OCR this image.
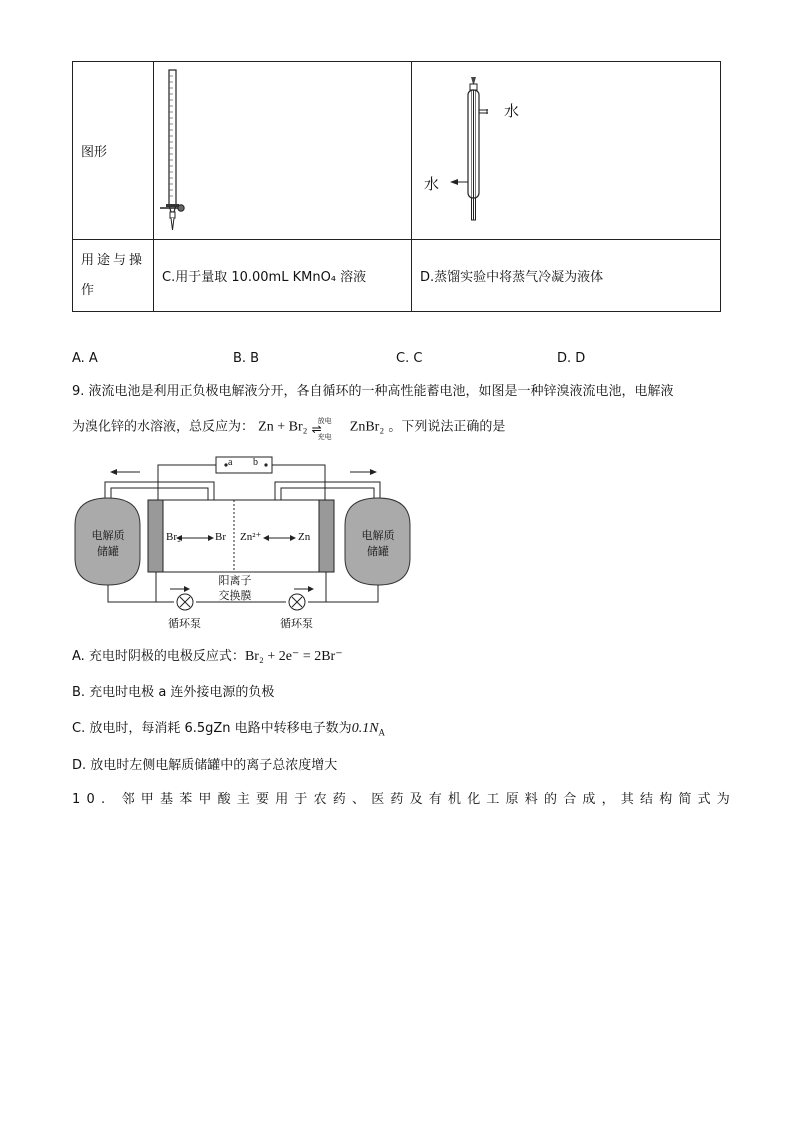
图形		水
水

用途与操
作	C.用于量取 10.00mL KMnO₄ 溶液	D.蒸馏实验中将蒸气冷凝为液体
A. A	B. B	C. C	D. D
9. 液流电池是利用正负极电解液分开，各自循环的一种高性能蓄电池，如图是一种锌溴液流电池，电解液
为溴化锌的水溶液，总反应为： Zn + Br₂ 放电
⇌
充电
ZnBr₂ 。下列说法正确的是
a b
电解质
储罐
电解质
储罐
Br₂	Br Zn²⁺	Zn
阳离子
交换膜
循环泵	循环泵
A. 充电时阴极的电极反应式：Br₂ + 2e⁻ = 2Br⁻
B. 充电时电极 a 连外接电源的负极
C. 放电时，每消耗 6.5gZn 电路中转移电子数为$0.1N_A$
D. 放电时左侧电解质储罐中的离子总浓度增大
10. 邻甲基苯甲酸主要用于农药、医药及有机化工原料的合成，其结构简式为
